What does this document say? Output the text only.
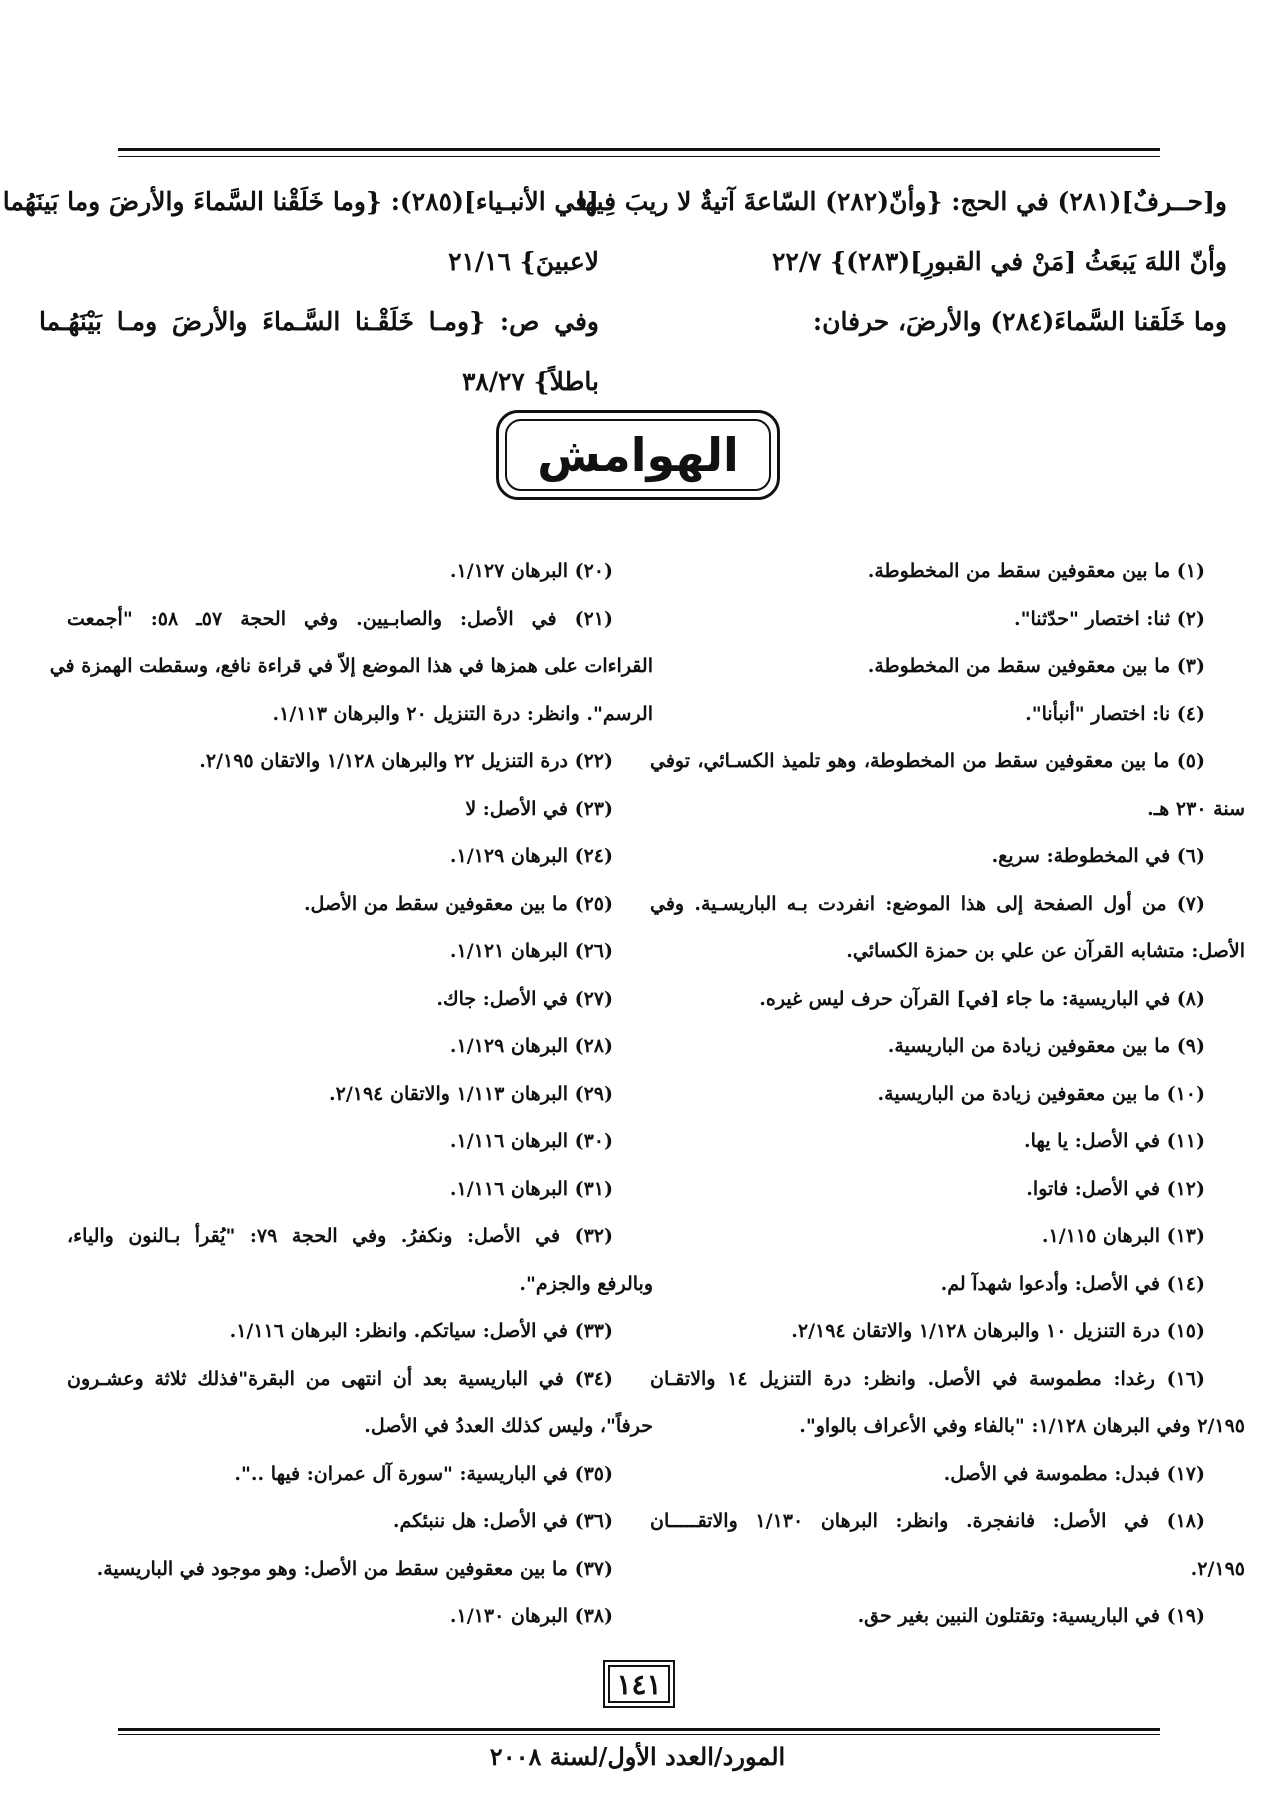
و[حــرفٌ](٢٨١) في الحج: {وأنّ(٢٨٢) السّاعةَ آتيةٌ لا ريبَ فِيها

وأنّ اللهَ يَبعَثُ [مَنْ في القبورِ](٢٨٣)} ٢٢/٧

وما خَلَقنا السَّماءَ(٢٨٤) والأرضَ، حرفان:

[في الأنبـياء](٢٨٥): {وما خَلَقْنا السَّماءَ والأرضَ وما بَينَهُما

لاعبينَ} ٢١/١٦

وفي ص: {ومـا خَلَقْـنا السَّـماءَ والأرضَ ومـا بَيْنَهُـما

باطلاً} ٣٨/٢٧

الهوامش
(١) ما بين معقوفين سقط من المخطوطة.
(٢) ثنا: اختصار "حدّثنا".
(٣) ما بين معقوفين سقط من المخطوطة.
(٤) نا: اختصار "أنبأنا".
(٥) ما بين معقوفين سقط من المخطوطة، وهو تلميذ الكسـائي، توفي
سنة ٢٣٠ هـ.
(٦) في المخطوطة: سريع.
(٧) من أول الصفحة إلى هذا الموضع: انفردت بـه الباريسـية. وفي
الأصل: متشابه القرآن عن علي بن حمزة الكسائي.
(٨) في الباريسية: ما جاء [في] القرآن حرف ليس غيره.
(٩) ما بين معقوفين زيادة من الباريسية.
(١٠) ما بين معقوفين زيادة من الباريسية.
(١١) في الأصل: يا يها.
(١٢) في الأصل: فاتوا.
(١٣) البرهان ١/١١٥.
(١٤) في الأصل: وأدعوا شهدآ لم.
(١٥) درة التنزيل ١٠ والبرهان ١/١٢٨ والاتقان ٢/١٩٤.
(١٦) رغدا: مطموسة في الأصل. وانظر: درة التنزيل ١٤ والاتقـان
٢/١٩٥ وفي البرهان ١/١٢٨: "بالفاء وفي الأعراف بالواو".
(١٧) فبدل: مطموسة في الأصل.
(١٨) في الأصل: فانفجرة. وانظر: البرهان ١/١٣٠ والاتقـــــان
٢/١٩٥.
(١٩) في الباريسية: وتقتلون النبين بغير حق.
(٢٠) البرهان ١/١٢٧.
(٢١) في الأصل: والصابـيين. وفي الحجة ٥٧ـ ٥٨: "أجمعت
القراءات على همزها في هذا الموضع إلاّ في قراءة نافع، وسقطت الهمزة في
الرسم". وانظر: درة التنزيل ٢٠ والبرهان ١/١١٣.
(٢٢) درة التنزيل ٢٢ والبرهان ١/١٢٨ والاتقان ٢/١٩٥.
(٢٣) في الأصل: لا
(٢٤) البرهان ١/١٢٩.
(٢٥) ما بين معقوفين سقط من الأصل.
(٢٦) البرهان ١/١٢١.
(٢٧) في الأصل: جاك.
(٢٨) البرهان ١/١٢٩.
(٢٩) البرهان ١/١١٣ والاتقان ٢/١٩٤.
(٣٠) البرهان ١/١١٦.
(٣١) البرهان ١/١١٦.
(٣٢) في الأصل: ونكفرُ. وفي الحجة ٧٩: "يُقرأ بـالنون والياء،
وبالرفع والجزم".
(٣٣) في الأصل: سياتكم. وانظر: البرهان ١/١١٦.
(٣٤) في الباريسية بعد أن انتهى من البقرة"فذلك ثلاثة وعشـرون
حرفاً"، وليس كذلك العددُ في الأصل.
(٣٥) في الباريسية: "سورة آل عمران: فيها ..".
(٣٦) في الأصل: هل ننبئكم.
(٣٧) ما بين معقوفين سقط من الأصل: وهو موجود في الباريسية.
(٣٨) البرهان ١/١٣٠.
١٤١
المورد/العدد الأول/لسنة ٢٠٠٨
